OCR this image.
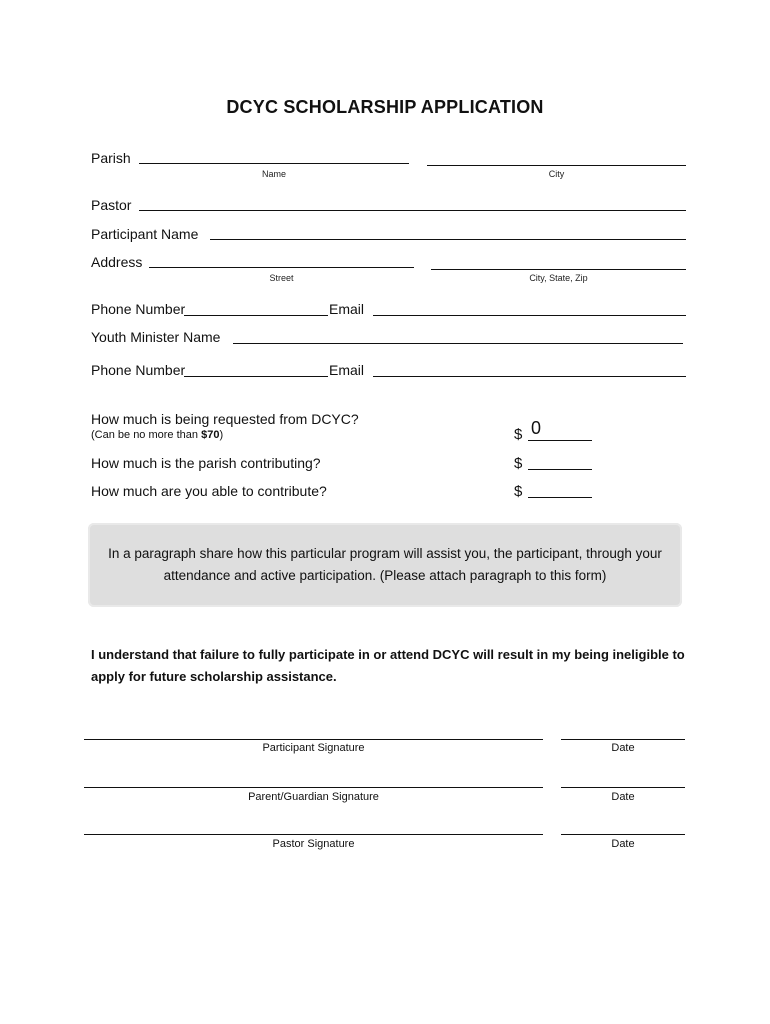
DCYC SCHOLARSHIP APPLICATION
Parish
Name	City
Pastor
Participant Name
Address
Street	City, State, Zip
Phone Number	Email
Youth Minister Name
Phone Number	Email
How much is being requested from DCYC?
(Can be no more than $70)	$ 0
How much is the parish contributing?	$
How much are you able to contribute?	$
In a paragraph share how this particular program will assist you, the participant, through your attendance and active participation. (Please attach paragraph to this form)
I understand that failure to fully participate in or attend DCYC will result in my being ineligible to apply for future scholarship assistance.
Participant Signature	Date
Parent/Guardian Signature	Date
Pastor Signature	Date
